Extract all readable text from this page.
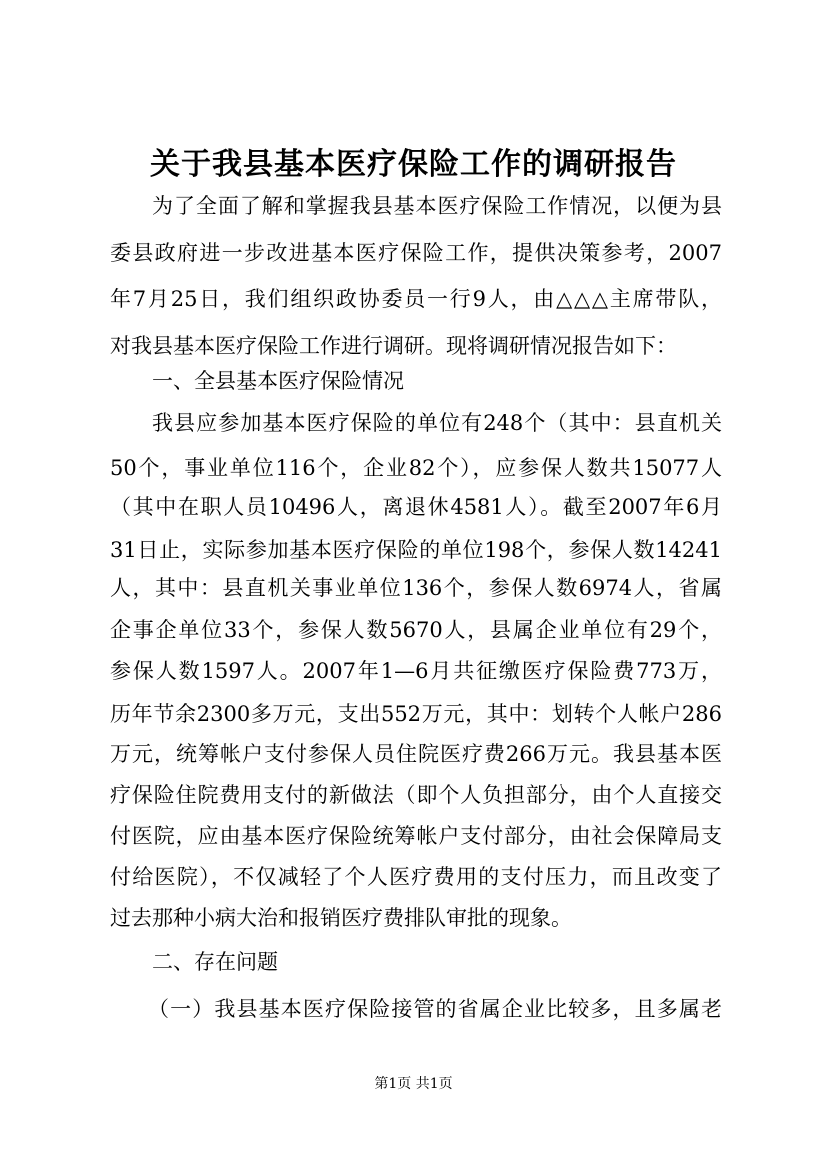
关于我县基本医疗保险工作的调研报告
为了全面了解和掌握我县基本医疗保险工作情况，以便为县
委县政府进一步改进基本医疗保险工作，提供决策参考，2007
年7月25日，我们组织政协委员一行9人，由△△△主席带队，
对我县基本医疗保险工作进行调研。现将调研情况报告如下：
一、全县基本医疗保险情况
我县应参加基本医疗保险的单位有248个（其中：县直机关
50个，事业单位116个，企业82个），应参保人数共15077人
（其中在职人员10496人，离退休4581人）。截至2007年6月
31日止，实际参加基本医疗保险的单位198个，参保人数14241
人，其中：县直机关事业单位136个，参保人数6974人，省属
企事企单位33个，参保人数5670人，县属企业单位有29个，
参保人数1597人。2007年1—6月共征缴医疗保险费773万，
历年节余2300多万元，支出552万元，其中：划转个人帐户286
万元，统筹帐户支付参保人员住院医疗费266万元。我县基本医
疗保险住院费用支付的新做法（即个人负担部分，由个人直接交
付医院，应由基本医疗保险统筹帐户支付部分，由社会保障局支
付给医院），不仅减轻了个人医疗费用的支付压力，而且改变了
过去那种小病大治和报销医疗费排队审批的现象。
二、存在问题
（一）我县基本医疗保险接管的省属企业比较多，且多属老
第1页 共1页
